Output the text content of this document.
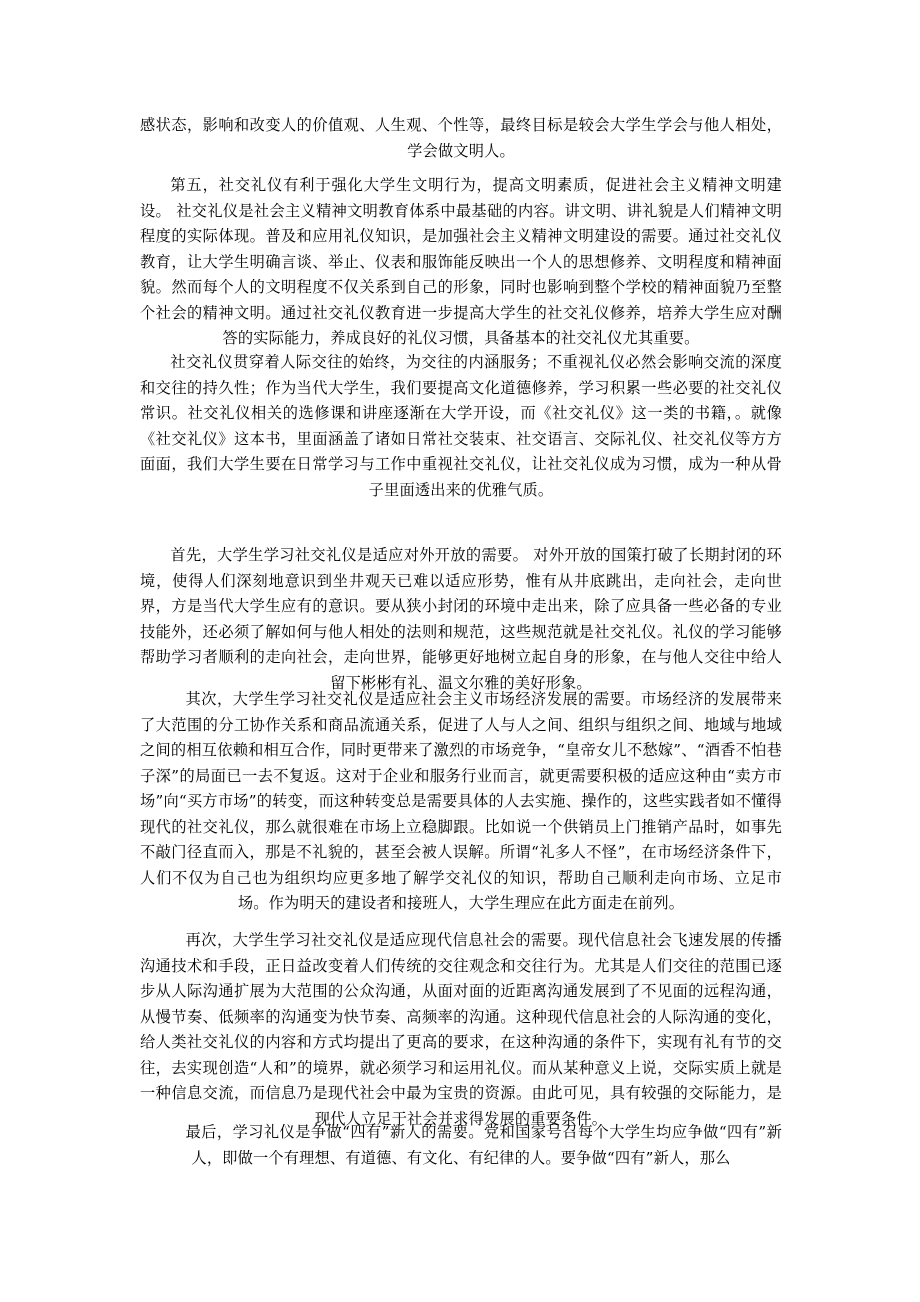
感状态，影响和改变人的价值观、人生观、个性等，最终目标是较会大学生学会与他人相处，学会做文明人。

第五，社交礼仪有利于强化大学生文明行为，提高文明素质，促进社会主义精神文明建设。 社交礼仪是社会主义精神文明教育体系中最基础的内容。讲文明、讲礼貌是人们精神文明程度的实际体现。普及和应用礼仪知识，是加强社会主义精神文明建设的需要。通过社交礼仪教育，让大学生明确言谈、举止、仪表和服饰能反映出一个人的思想修养、文明程度和精神面貌。然而每个人的文明程度不仅关系到自己的形象，同时也影响到整个学校的精神面貌乃至整个社会的精神文明。通过社交礼仪教育进一步提高大学生的社交礼仪修养，培养大学生应对酬答的实际能力，养成良好的礼仪习惯，具备基本的社交礼仪尤其重要。

社交礼仪贯穿着人际交往的始终，为交往的内涵服务；不重视礼仪必然会影响交流的深度和交往的持久性；作为当代大学生，我们要提高文化道德修养，学习积累一些必要的社交礼仪常识。社交礼仪相关的选修课和讲座逐渐在大学开设，而《社交礼仪》这一类的书籍，。就像《社交礼仪》这本书，里面涵盖了诸如日常社交装束、社交语言、交际礼仪、社交礼仪等方方面面，我们大学生要在日常学习与工作中重视社交礼仪，让社交礼仪成为习惯，成为一种从骨子里面透出来的优雅气质。

首先，大学生学习社交礼仪是适应对外开放的需要。 对外开放的国策打破了长期封闭的环境，使得人们深刻地意识到坐井观天已难以适应形势，惟有从井底跳出，走向社会，走向世界，方是当代大学生应有的意识。要从狭小封闭的环境中走出来，除了应具备一些必备的专业技能外，还必须了解如何与他人相处的法则和规范，这些规范就是社交礼仪。礼仪的学习能够帮助学习者顺利的走向社会，走向世界，能够更好地树立起自身的形象，在与他人交往中给人留下彬彬有礼、温文尔雅的美好形象。

其次，大学生学习社交礼仪是适应社会主义市场经济发展的需要。市场经济的发展带来了大范围的分工协作关系和商品流通关系，促进了人与人之间、组织与组织之间、地域与地域之间的相互依赖和相互合作，同时更带来了激烈的市场竞争，“皇帝女儿不愁嫁”、“酒香不怕巷子深”的局面已一去不复返。这对于企业和服务行业而言，就更需要积极的适应这种由“卖方市场”向“买方市场”的转变，而这种转变总是需要具体的人去实施、操作的，这些实践者如不懂得现代的社交礼仪，那么就很难在市场上立稳脚跟。比如说一个供销员上门推销产品时，如事先不敲门径直而入，那是不礼貌的，甚至会被人误解。所谓“礼多人不怪”，在市场经济条件下，人们不仅为自己也为组织均应更多地了解学交礼仪的知识，帮助自己顺利走向市场、立足市场。作为明天的建设者和接班人，大学生理应在此方面走在前列。

再次，大学生学习社交礼仪是适应现代信息社会的需要。现代信息社会飞速发展的传播沟通技术和手段，正日益改变着人们传统的交往观念和交往行为。尤其是人们交往的范围已逐步从人际沟通扩展为大范围的公众沟通，从面对面的近距离沟通发展到了不见面的远程沟通，从慢节奏、低频率的沟通变为快节奏、高频率的沟通。这种现代信息社会的人际沟通的变化，给人类社交礼仪的内容和方式均提出了更高的要求，在这种沟通的条件下，实现有礼有节的交往，去实现创造“人和”的境界，就必须学习和运用礼仪。而从某种意义上说，交际实质上就是一种信息交流，而信息乃是现代社会中最为宝贵的资源。由此可见，具有较强的交际能力，是现代人立足于社会并求得发展的重要条件。

最后，学习礼仪是争做“四有”新人的需要。党和国家号召每个大学生均应争做“四有”新人，即做一个有理想、有道德、有文化、有纪律的人。要争做“四有”新人，那么
